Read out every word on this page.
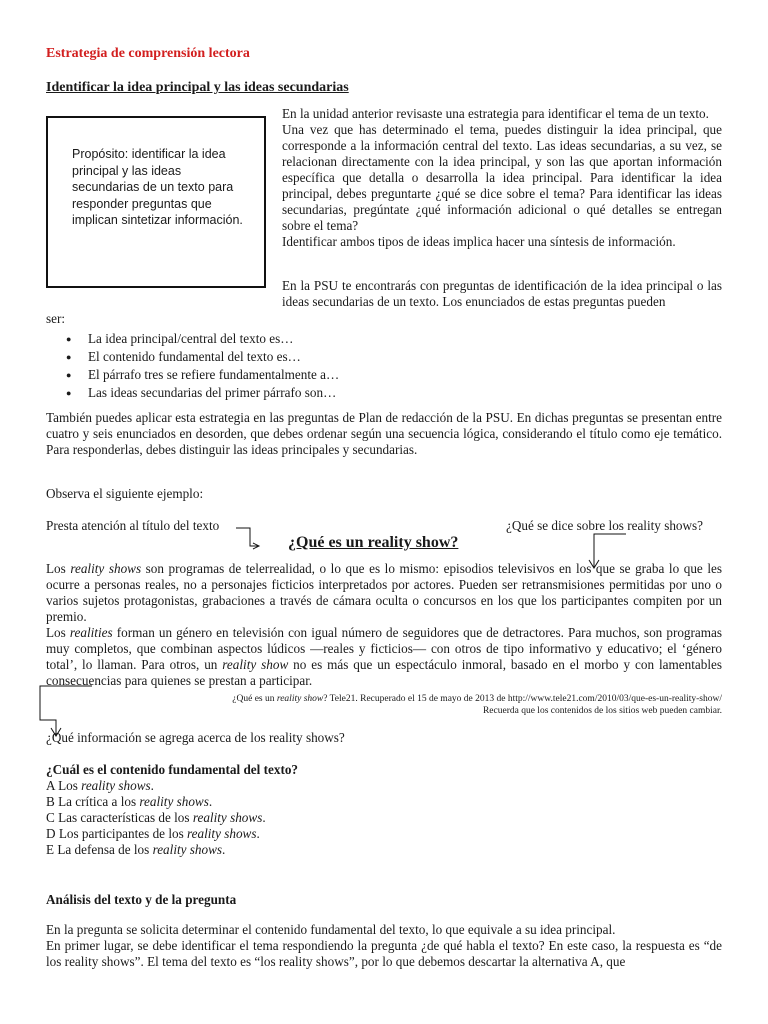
Estrategia de comprensión lectora
Identificar la idea principal y las ideas secundarias
Propósito: identificar la idea principal y las ideas secundarias de un texto para responder preguntas que implican sintetizar información.

En la unidad anterior revisaste una estrategia para identificar el tema de un texto.

Una vez que has determinado el tema, puedes distinguir la idea principal, que corresponde a la información central del texto. Las ideas secundarias, a su vez, se relacionan directamente con la idea principal, y son las que aportan información específica que detalla o desarrolla la idea principal. Para identificar la idea principal, debes preguntarte ¿qué se dice sobre el tema? Para identificar las ideas secundarias, pregúntate ¿qué información adicional o qué detalles se entregan sobre el tema?

Identificar ambos tipos de ideas implica hacer una síntesis de información.

En la PSU te encontrarás con preguntas de identificación de la idea principal o las ideas secundarias de un texto. Los enunciados de estas preguntas pueden
ser:
● La idea principal/central del texto es…
● El contenido fundamental del texto es…
● El párrafo tres se refiere fundamentalmente a…
● Las ideas secundarias del primer párrafo son…
También puedes aplicar esta estrategia en las preguntas de Plan de redacción de la PSU. En dichas preguntas se presentan entre cuatro y seis enunciados en desorden, que debes ordenar según una secuencia lógica, considerando el título como eje temático. Para responderlas, debes distinguir las ideas principales y secundarias.
Observa el siguiente ejemplo:
Presta atención al título del texto	¿Qué se dice sobre los reality shows?
¿Qué es un reality show?

Los reality shows son programas de telerrealidad, o lo que es lo mismo: episodios televisivos en los que se graba lo que les ocurre a personas reales, no a personajes ficticios interpretados por actores. Pueden ser retransmisiones permitidas por uno o varios sujetos protagonistas, grabaciones a través de cámara oculta o concursos en los que los participantes compiten por un premio.

Los realities forman un género en televisión con igual número de seguidores que de detractores. Para muchos, son programas muy completos, que combinan aspectos lúdicos —reales y ficticios— con otros de tipo informativo y educativo; el ‘género total’, lo llaman. Para otros, un reality show no es más que un espectáculo inmoral, basado en el morbo y con lamentables consecuencias para quienes se prestan a participar.

¿Qué es un reality show? Tele21. Recuperado el 15 de mayo de 2013 de http://www.tele21.com/2010/03/que-es-un-reality-show/
Recuerda que los contenidos de los sitios web pueden cambiar.
¿Qué información se agrega acerca de los reality shows?
¿Cuál es el contenido fundamental del texto?
A Los reality shows.
B La crítica a los reality shows.
C Las características de los reality shows.
D Los participantes de los reality shows.
E La defensa de los reality shows.
Análisis del texto y de la pregunta

En la pregunta se solicita determinar el contenido fundamental del texto, lo que equivale a su idea principal.

En primer lugar, se debe identificar el tema respondiendo la pregunta ¿de qué habla el texto? En este caso, la respuesta es “de los reality shows”. El tema del texto es “los reality shows”, por lo que debemos descartar la alternativa A, que
